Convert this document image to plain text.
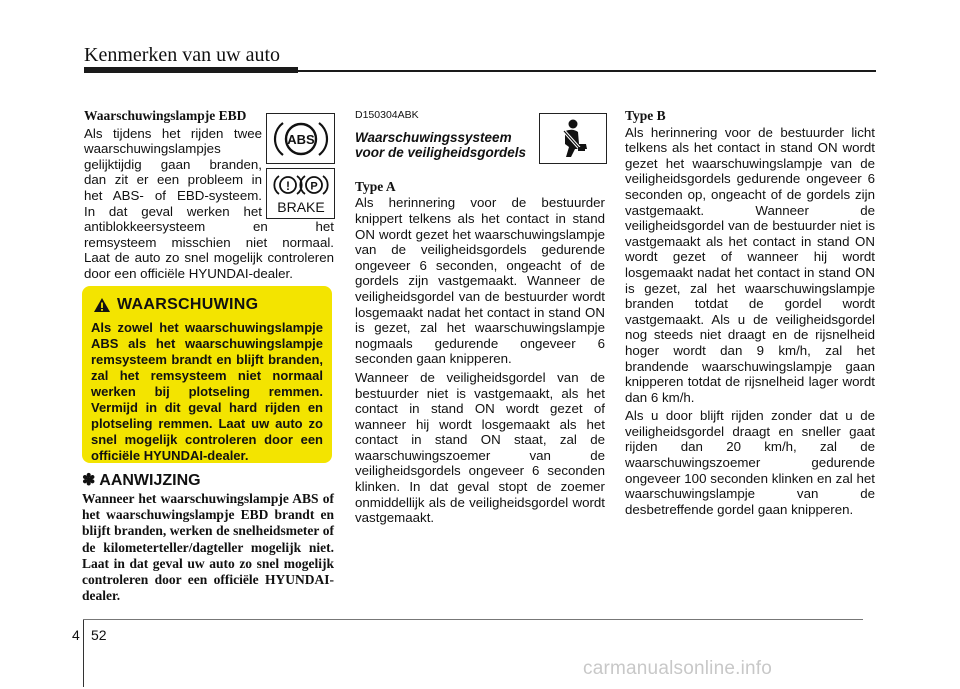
Kenmerken van uw auto

Waarschuwingslampje EBD

Als tijdens het rijden twee

waarschuwingslampjes

gelijktijdig gaan branden,

dan zit er een probleem in

het ABS- of EBD-systeem.

In dat geval werken het

antiblokkeersysteem en het

remsysteem misschien niet normaal.

Laat de auto zo snel mogelijk controleren

door een officiële HYUNDAI-dealer.

ABS
! P
BRAKE
WAARSCHUWING
Als zowel het waarschuwingslampje ABS als het waarschuwingslampje remsysteem brandt en blijft branden, zal het remsysteem niet normaal werken bij plotseling remmen. Vermijd in dit geval hard rijden en plotseling remmen. Laat uw auto zo snel mogelijk controleren door een officiële HYUNDAI-dealer.
✽ AANWIJZING
Wanneer het waarschuwingslampje ABS of het waarschuwingslampje EBD brandt en blijft branden, werken de snelheidsmeter of de kilometerteller/dagteller mogelijk niet. Laat in dat geval uw auto zo snel mogelijk controleren door een officiële HYUNDAI-dealer.

D150304ABK

Waarschuwingssysteem

voor de veiligheidsgordels

Type A

Als herinnering voor de bestuurder knippert telkens als het contact in stand ON wordt gezet het waarschuwingslampje van de veiligheidsgordels gedurende ongeveer 6 seconden, ongeacht of de gordels zijn vastgemaakt. Wanneer de veiligheidsgordel van de bestuurder wordt losgemaakt nadat het contact in stand ON is gezet, zal het waarschuwingslampje nogmaals gedurende ongeveer 6 seconden gaan knipperen.

Wanneer de veiligheidsgordel van de bestuurder niet is vastgemaakt, als het contact in stand ON wordt gezet of wanneer hij wordt losgemaakt als het contact in stand ON staat, zal de waarschuwingszoemer van de veiligheidsgordels ongeveer 6 seconden klinken. In dat geval stopt de zoemer onmiddellijk als de veiligheidsgordel wordt vastgemaakt.

Type B

Als herinnering voor de bestuurder licht telkens als het contact in stand ON wordt gezet het waarschuwingslampje van de veiligheidsgordels gedurende ongeveer 6 seconden op, ongeacht of de gordels zijn vastgemaakt. Wanneer de veiligheidsgordel van de bestuurder niet is vastgemaakt als het contact in stand ON wordt gezet of wanneer hij wordt losgemaakt nadat het contact in stand ON is gezet, zal het waarschuwingslampje branden totdat de gordel wordt vastgemaakt. Als u de veiligheidsgordel nog steeds niet draagt en de rijsnelheid hoger wordt dan 9 km/h, zal het brandende waarschuwingslampje gaan knipperen totdat de rijsnelheid lager wordt dan 6 km/h.

Als u door blijft rijden zonder dat u de veiligheidsgordel draagt en sneller gaat rijden dan 20 km/h, zal de waarschuwingszoemer gedurende ongeveer 100 seconden klinken en zal het waarschuwingslampje van de desbetreffende gordel gaan knipperen.

4 52
carmanualsonline.info
